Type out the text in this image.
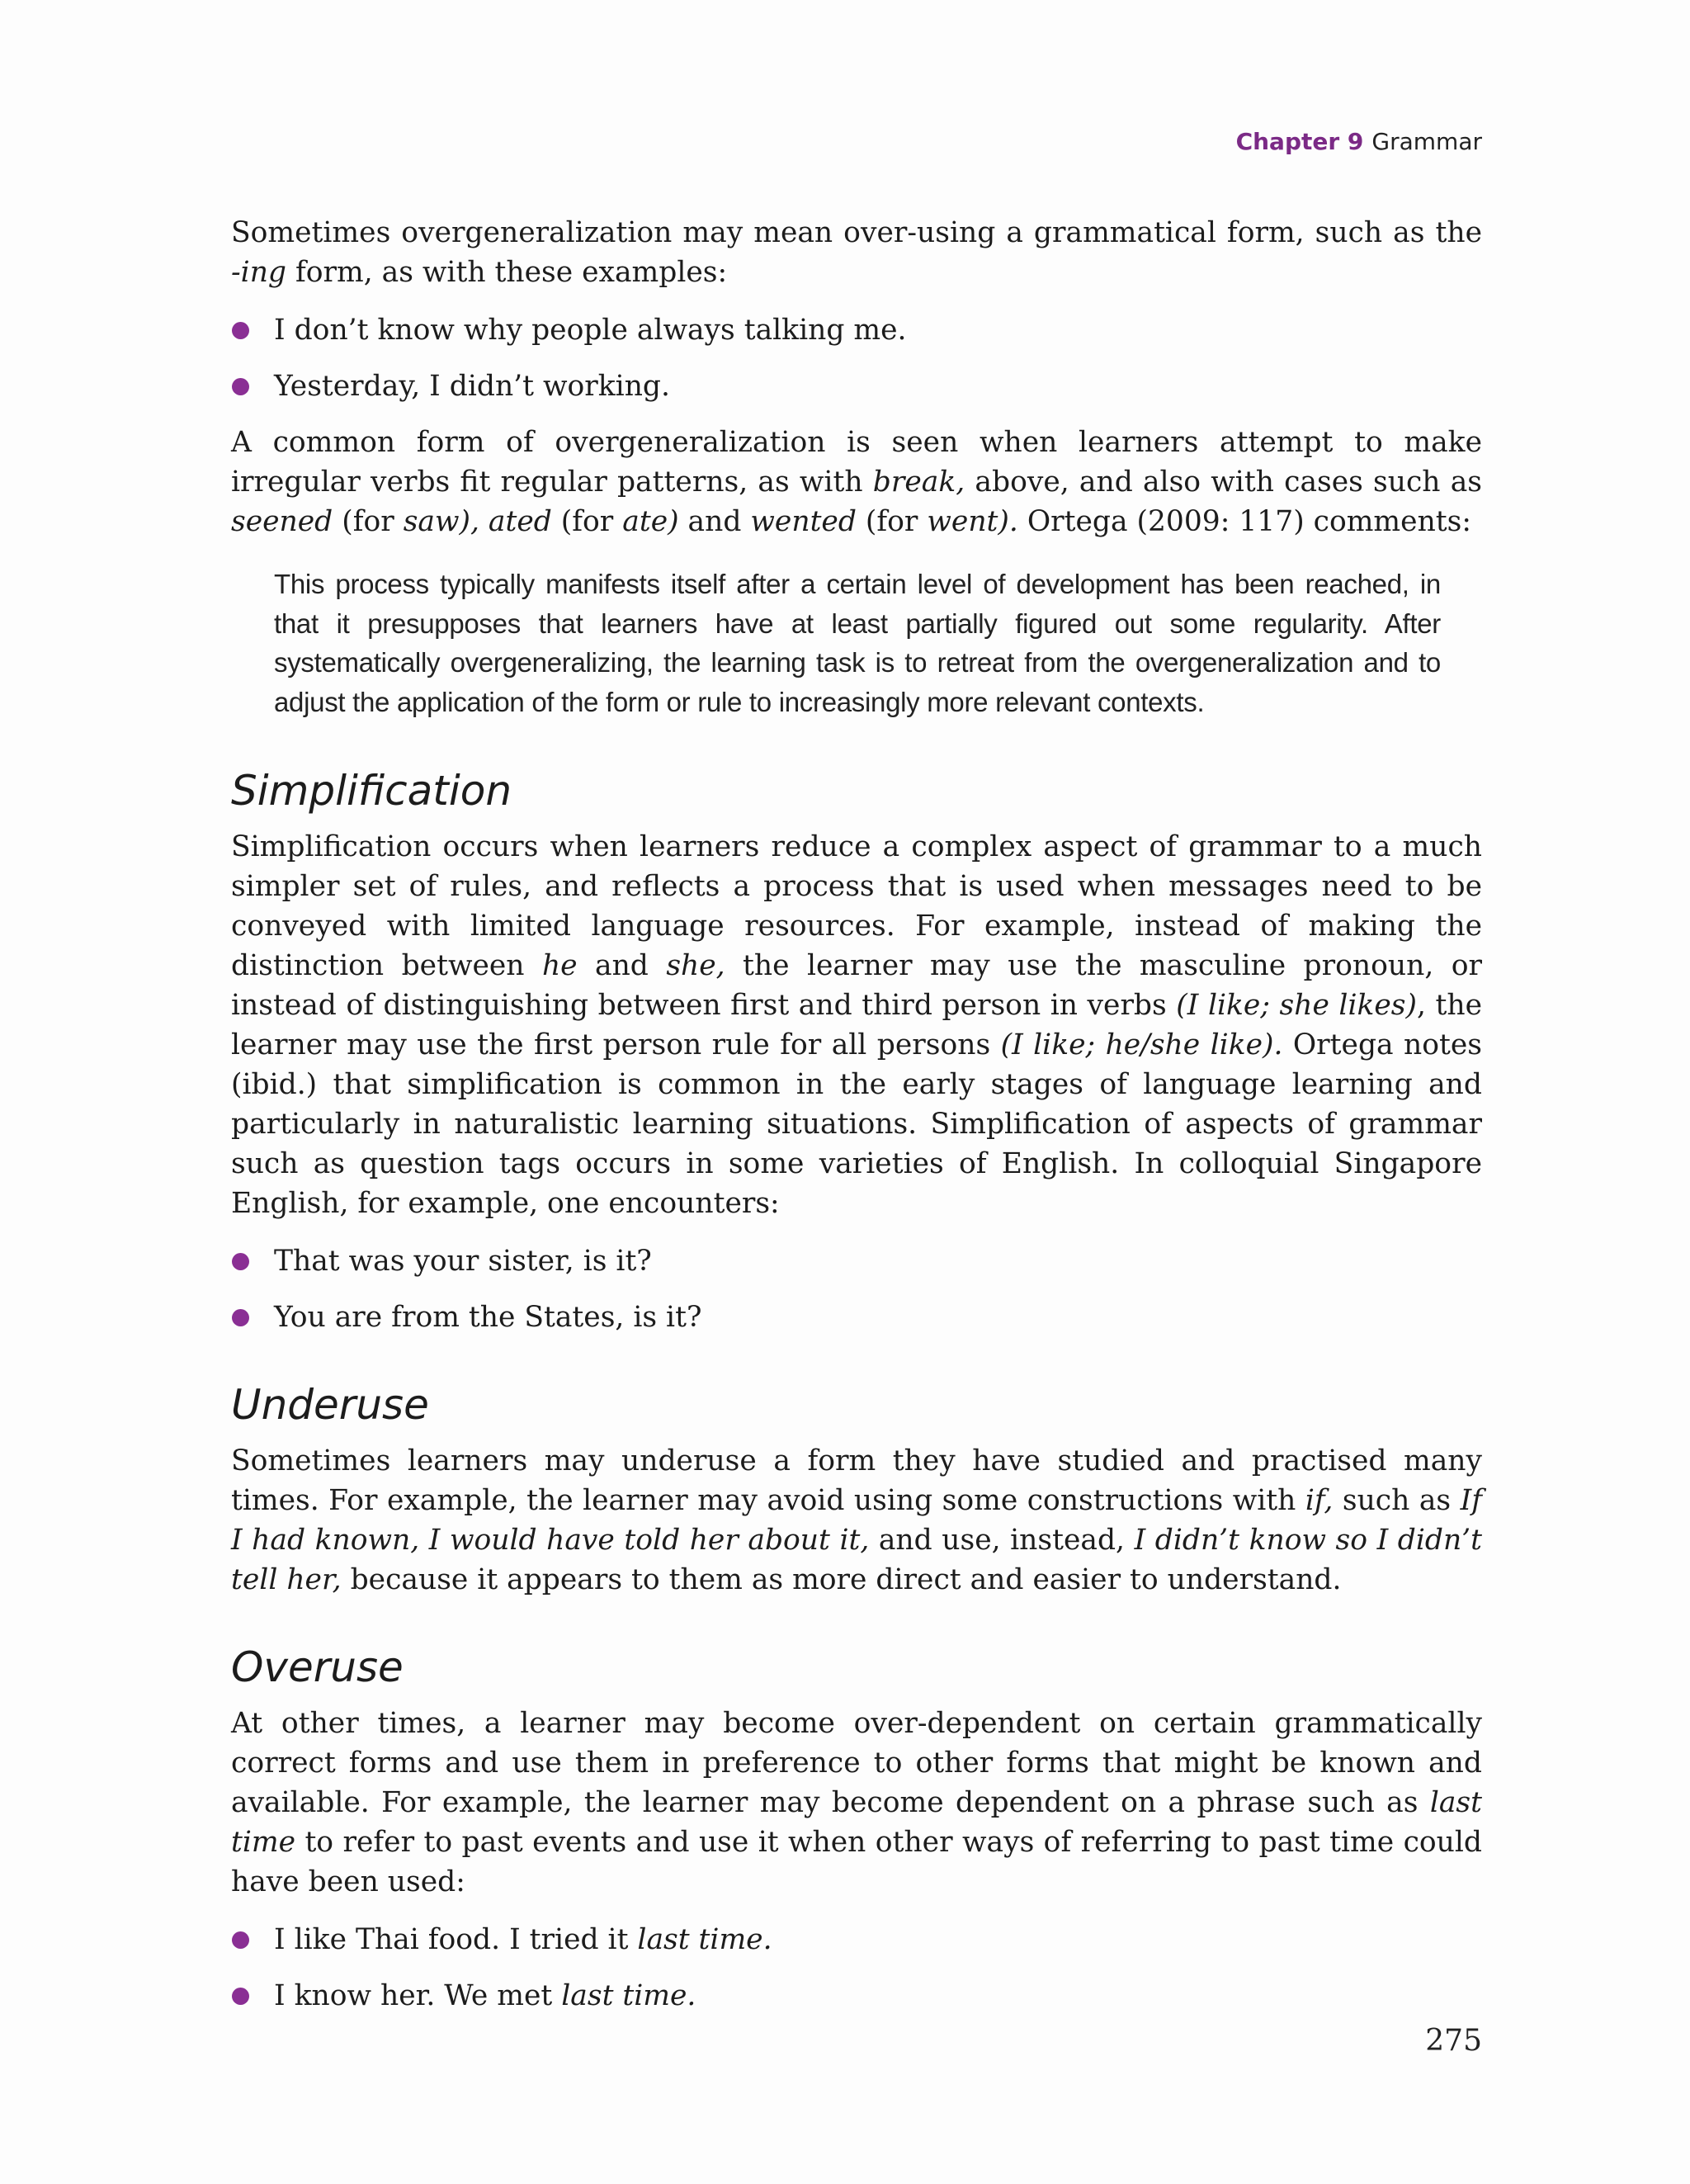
Chapter 9 Grammar

Sometimes overgeneralization may mean over-using a grammatical form, such as the -ing form, as with these examples:

I don’t know why people always talking me.
Yesterday, I didn’t working.

A common form of overgeneralization is seen when learners attempt to make irregular verbs fit regular patterns, as with break, above, and also with cases such as seened (for saw), ated (for ate) and wented (for went). Ortega (2009: 117) comments:

This process typically manifests itself after a certain level of development has been reached, in that it presupposes that learners have at least partially figured out some regularity. After systematically overgeneralizing, the learning task is to retreat from the overgeneralization and to adjust the application of the form or rule to increasingly more relevant contexts.
Simplification

Simplification occurs when learners reduce a complex aspect of grammar to a much simpler set of rules, and reflects a process that is used when messages need to be conveyed with limited language resources. For example, instead of making the distinction between he and she, the learner may use the masculine pronoun, or instead of distinguishing between first and third person in verbs (I like; she likes), the learner may use the first person rule for all persons (I like; he/she like). Ortega notes (ibid.) that simplification is common in the early stages of language learning and particularly in naturalistic learning situations. Simplification of aspects of grammar such as question tags occurs in some varieties of English. In colloquial Singapore English, for example, one encounters:

That was your sister, is it?
You are from the States, is it?
Underuse

Sometimes learners may underuse a form they have studied and practised many times. For example, the learner may avoid using some constructions with if, such as If I had known, I would have told her about it, and use, instead, I didn’t know so I didn’t tell her, because it appears to them as more direct and easier to understand.

Overuse

At other times, a learner may become over-dependent on certain grammatically correct forms and use them in preference to other forms that might be known and available. For example, the learner may become dependent on a phrase such as last time to refer to past events and use it when other ways of referring to past time could have been used:

I like Thai food. I tried it last time.
I know her. We met last time.
275
